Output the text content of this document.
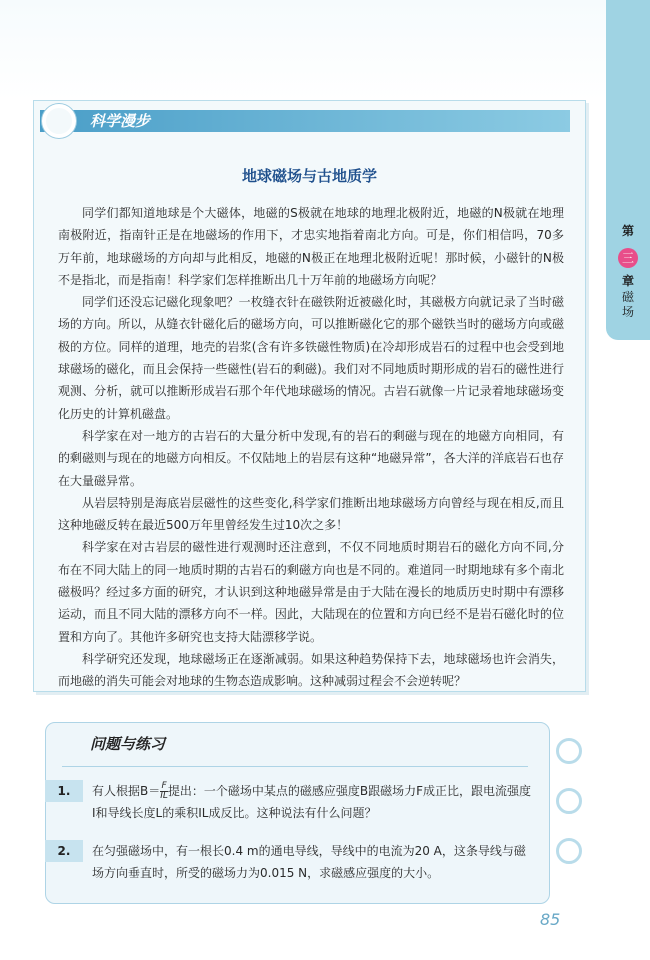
第
三
章
磁场
科学漫步
地球磁场与古地质学

同学们都知道地球是个大磁体，地磁的S极就在地球的地理北极附近，地磁的N极就在地理南极附近，指南针正是在地磁场的作用下，才忠实地指着南北方向。可是，你们相信吗，70多万年前，地球磁场的方向却与此相反，地磁的N极正在地理北极附近呢！那时候，小磁针的N极不是指北，而是指南！科学家们怎样推断出几十万年前的地磁场方向呢？

同学们还没忘记磁化现象吧？一枚缝衣针在磁铁附近被磁化时，其磁极方向就记录了当时磁场的方向。所以，从缝衣针磁化后的磁场方向，可以推断磁化它的那个磁铁当时的磁场方向或磁极的方位。同样的道理，地壳的岩浆(含有许多铁磁性物质)在冷却形成岩石的过程中也会受到地球磁场的磁化，而且会保持一些磁性(岩石的剩磁)。我们对不同地质时期形成的岩石的磁性进行观测、分析，就可以推断形成岩石那个年代地球磁场的情况。古岩石就像一片记录着地球磁场变化历史的计算机磁盘。

科学家在对一地方的古岩石的大量分析中发现,有的岩石的剩磁与现在的地磁方向相同，有的剩磁则与现在的地磁方向相反。不仅陆地上的岩层有这种“地磁异常”，各大洋的洋底岩石也存在大量磁异常。

从岩层特别是海底岩层磁性的这些变化,科学家们推断出地球磁场方向曾经与现在相反,而且这种地磁反转在最近500万年里曾经发生过10次之多！

科学家在对古岩层的磁性进行观测时还注意到，不仅不同地质时期岩石的磁化方向不同,分布在不同大陆上的同一地质时期的古岩石的剩磁方向也是不同的。难道同一时期地球有多个南北磁极吗？经过多方面的研究，才认识到这种地磁异常是由于大陆在漫长的地质历史时期中有漂移运动，而且不同大陆的漂移方向不一样。因此，大陆现在的位置和方向已经不是岩石磁化时的位置和方向了。其他许多研究也支持大陆漂移学说。

科学研究还发现，地球磁场正在逐渐减弱。如果这种趋势保持下去，地球磁场也许会消失，而地磁的消失可能会对地球的生物态造成影响。这种减弱过程会不会逆转呢？

问题与练习
1.	有人根据$B= \frac{F}{IL}$ 提出：一个磁场中某点的磁感应强度B跟磁场力F成正比，跟电流强度I和导线长度L的乘积IL成反比。这种说法有什么问题？
2.	在匀强磁场中，有一根长0.4 m的通电导线，导线中的电流为20 A，这条导线与磁场方向垂直时，所受的磁场力为0.015 N，求磁感应强度的大小。
85
